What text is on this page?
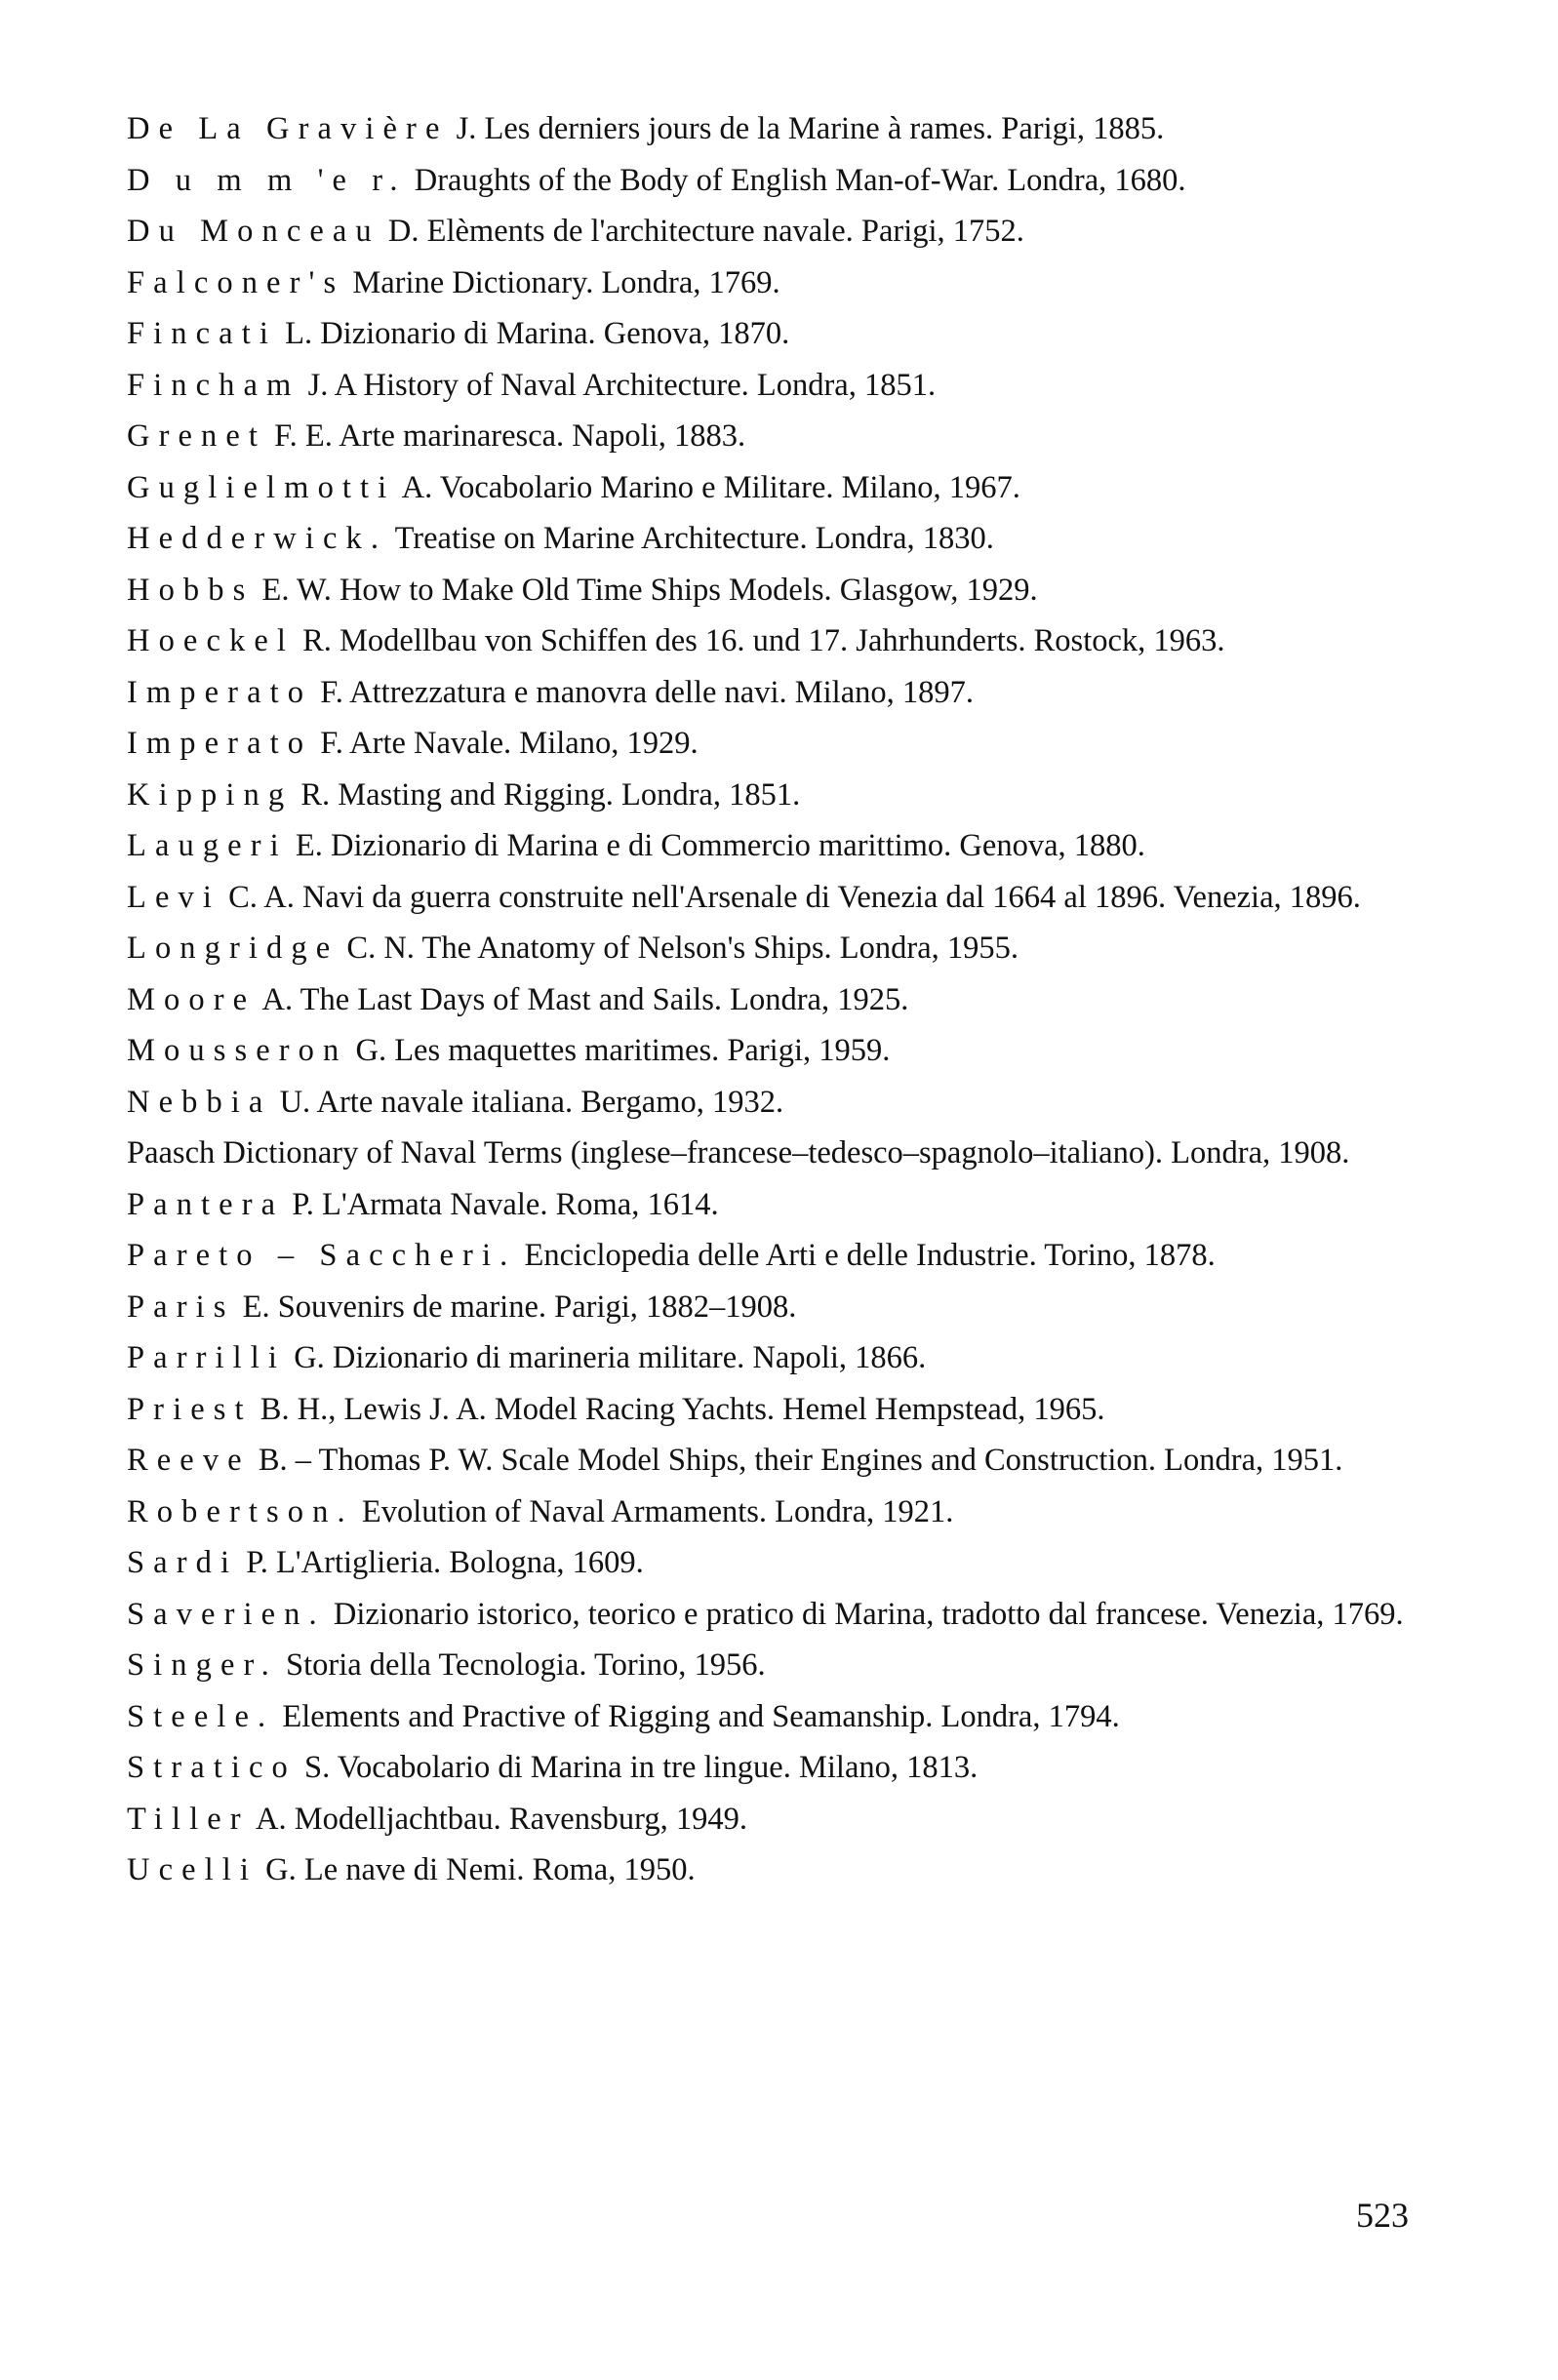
De La Gravière J. Les derniers jours de la Marine à rames. Parigi, 1885.
D u m m 'e r. Draughts of the Body of English Man-of-War. Londra, 1680.
Du Monceau D. Elèments de l'architecture navale. Parigi, 1752.
Falconer's Marine Dictionary. Londra, 1769.
Fincati L. Dizionario di Marina. Genova, 1870.
Fincham J. A History of Naval Architecture. Londra, 1851.
Grenet F. E. Arte marinaresca. Napoli, 1883.
Guglielmotti A. Vocabolario Marino e Militare. Milano, 1967.
Hedderwick. Treatise on Marine Architecture. Londra, 1830.
Hobbs E. W. How to Make Old Time Ships Models. Glasgow, 1929.
Hoeckel R. Modellbau von Schiffen des 16. und 17. Jahrhunderts. Rostock, 1963.
Imperato F. Attrezzatura e manovra delle navi. Milano, 1897.
Imperato F. Arte Navale. Milano, 1929.
Kipping R. Masting and Rigging. Londra, 1851.
Laugeri E. Dizionario di Marina e di Commercio marittimo. Genova, 1880.
Levi C. A. Navi da guerra construite nell'Arsenale di Venezia dal 1664 al 1896. Venezia, 1896.
Longridge C. N. The Anatomy of Nelson's Ships. Londra, 1955.
Moore A. The Last Days of Mast and Sails. Londra, 1925.
Mousseron G. Les maquettes maritimes. Parigi, 1959.
Nebbia U. Arte navale italiana. Bergamo, 1932.
Paasch Dictionary of Naval Terms (inglese–francese–tedesco–spagnolo–italiano). Londra, 1908.
Pantera P. L'Armata Navale. Roma, 1614.
Pareto – Saccheri. Enciclopedia delle Arti e delle Industrie. Torino, 1878.
Paris E. Souvenirs de marine. Parigi, 1882–1908.
Parrilli G. Dizionario di marineria militare. Napoli, 1866.
Priest B. H., Lewis J. A. Model Racing Yachts. Hemel Hempstead, 1965.
Reeve B. – Thomas P. W. Scale Model Ships, their Engines and Construction. Londra, 1951.
Robertson. Evolution of Naval Armaments. Londra, 1921.
Sardi P. L'Artiglieria. Bologna, 1609.
Saverien. Dizionario istorico, teorico e pratico di Marina, tradotto dal francese. Venezia, 1769.
Singer. Storia della Tecnologia. Torino, 1956.
Steele. Elements and Practive of Rigging and Seamanship. Londra, 1794.
Stratico S. Vocabolario di Marina in tre lingue. Milano, 1813.
Tiller A. Modelljachtbau. Ravensburg, 1949.
Ucelli G. Le nave di Nemi. Roma, 1950.
523
